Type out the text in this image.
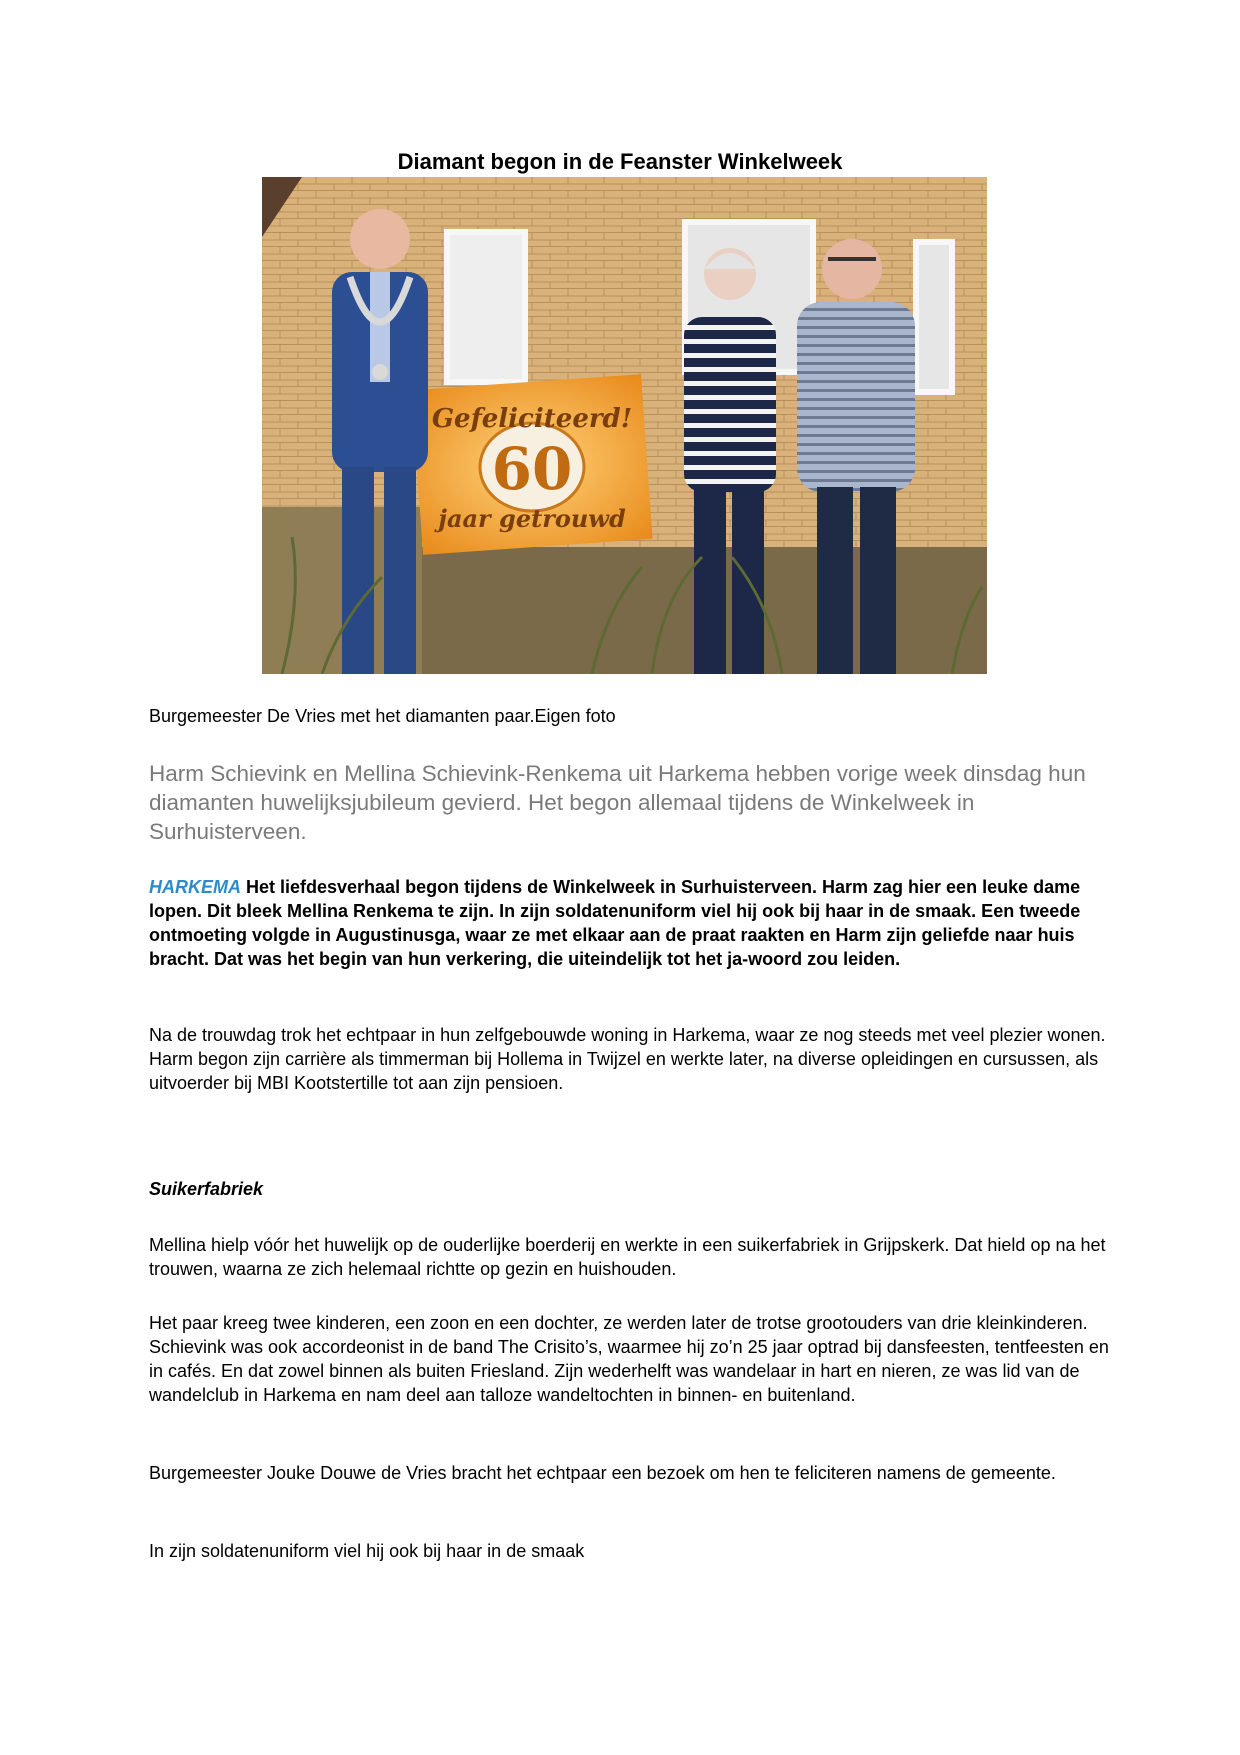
Diamant begon in de Feanster Winkelweek
Gefeliciteerd!
60
jaar getrouwd
Burgemeester De Vries met het diamanten paar.Eigen foto
Harm Schievink en Mellina Schievink-Renkema uit Harkema hebben vorige week dinsdag hun diamanten huwelijksjubileum gevierd. Het begon allemaal tijdens de Winkelweek in Surhuisterveen.
HARKEMA Het liefdesverhaal begon tijdens de Winkelweek in Surhuisterveen. Harm zag hier een leuke dame lopen. Dit bleek Mellina Renkema te zijn. In zijn soldatenuniform viel hij ook bij haar in de smaak. Een tweede ontmoeting volgde in Augustinusga, waar ze met elkaar aan de praat raakten en Harm zijn geliefde naar huis bracht. Dat was het begin van hun verkering, die uiteindelijk tot het ja-woord zou leiden.
Na de trouwdag trok het echtpaar in hun zelfgebouwde woning in Harkema, waar ze nog steeds met veel plezier wonen. Harm begon zijn carrière als timmerman bij Hollema in Twijzel en werkte later, na diverse opleidingen en cursussen, als uitvoerder bij MBI Kootstertille tot aan zijn pensioen.
Suikerfabriek
Mellina hielp vóór het huwelijk op de ouderlijke boerderij en werkte in een suikerfabriek in Grijpskerk. Dat hield op na het trouwen, waarna ze zich helemaal richtte op gezin en huishouden.
Het paar kreeg twee kinderen, een zoon en een dochter, ze werden later de trotse grootouders van drie kleinkinderen. Schievink was ook accordeonist in de band The Crisito’s, waarmee hij zo’n 25 jaar optrad bij dansfeesten, tentfeesten en in cafés. En dat zowel binnen als buiten Friesland. Zijn wederhelft was wandelaar in hart en nieren, ze was lid van de wandelclub in Harkema en nam deel aan talloze wandeltochten in binnen- en buitenland.
Burgemeester Jouke Douwe de Vries bracht het echtpaar een bezoek om hen te feliciteren namens de gemeente.
In zijn soldatenuniform viel hij ook bij haar in de smaak
